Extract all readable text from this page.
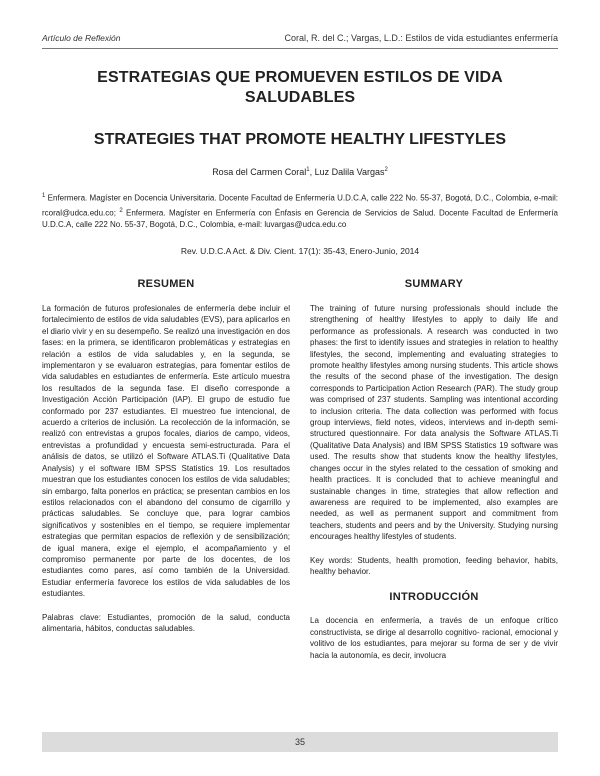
Artículo de Reflexión	Coral, R. del C.; Vargas, L.D.: Estilos de vida estudiantes enfermería
ESTRATEGIAS QUE PROMUEVEN ESTILOS DE VIDA SALUDABLES
STRATEGIES THAT PROMOTE HEALTHY LIFESTYLES
Rosa del Carmen Coral$^1$, Luz Dalila Vargas$^2$
$^1$ Enfermera. Magíster en Docencia Universitaria. Docente Facultad de Enfermería U.D.C.A, calle 222 No. 55-37, Bogotá, D.C., Colombia, e-mail: rcoral@udca.edu.co; $^2$ Enfermera. Magíster en Enfermería con Énfasis en Gerencia de Servicios de Salud. Docente Facultad de Enfermería U.D.C.A, calle 222 No. 55-37, Bogotá, D.C., Colombia, e-mail: luvargas@udca.edu.co
Rev. U.D.C.A Act. & Div. Cient. 17(1): 35-43, Enero-Junio, 2014
RESUMEN

La formación de futuros profesionales de enfermería debe incluir el fortalecimiento de estilos de vida saludables (EVS), para aplicarlos en el diario vivir y en su desempeño. Se realizó una investigación en dos fases: en la primera, se identificaron problemáticas y estrategias en relación a estilos de vida saludables y, en la segunda, se implementaron y se evaluaron estrategias, para fomentar estilos de vida saludables en estudiantes de enfermería. Este artículo muestra los resultados de la segunda fase. El diseño corresponde a Investigación Acción Participación (IAP). El grupo de estudio fue conformado por 237 estudiantes. El muestreo fue intencional, de acuerdo a criterios de inclusión. La recolección de la información, se realizó con entrevistas a grupos focales, diarios de campo, videos, entrevistas a profundidad y encuesta semi-estructurada. Para el análisis de datos, se utilizó el Software ATLAS.Ti (Qualitative Data Analysis) y el software IBM SPSS Statistics 19. Los resultados muestran que los estudiantes conocen los estilos de vida saludables; sin embargo, falta ponerlos en práctica; se presentan cambios en los estilos relacionados con el abandono del consumo de cigarrillo y prácticas saludables. Se concluye que, para lograr cambios significativos y sostenibles en el tiempo, se requiere implementar estrategias que permitan espacios de reflexión y de sensibilización; de igual manera, exige el ejemplo, el acompañamiento y el compromiso permanente por parte de los docentes, de los estudiantes como pares, así como también de la Universidad. Estudiar enfermería favorece los estilos de vida saludables de los estudiantes.

Palabras clave: Estudiantes, promoción de la salud, conducta alimentaria, hábitos, conductas saludables.

SUMMARY

The training of future nursing professionals should include the strengthening of healthy lifestyles to apply to daily life and performance as professionals. A research was conducted in two phases: the first to identify issues and strategies in relation to healthy lifestyles, the second, implementing and evaluating strategies to promote healthy lifestyles among nursing students. This article shows the results of the second phase of the investigation. The design corresponds to Participation Action Research (PAR). The study group was comprised of 237 students. Sampling was intentional according to inclusion criteria. The data collection was performed with focus group interviews, field notes, videos, interviews and in-depth semi-structured questionnaire. For data analysis the Software ATLAS.Ti (Qualitative Data Analysis) and IBM SPSS Statistics 19 software was used. The results show that students know the healthy lifestyles, changes occur in the styles related to the cessation of smoking and health practices. It is concluded that to achieve meaningful and sustainable changes in time, strategies that allow reflection and awareness are required to be implemented, also examples are needed, as well as permanent support and commitment from teachers, students and peers and by the University. Studying nursing encourages healthy lifestyles of students.

Key words: Students, health promotion, feeding behavior, habits, healthy behavior.

INTRODUCCIÓN

La docencia en enfermería, a través de un enfoque crítico constructivista, se dirige al desarrollo cognitivo- racional, emocional y volitivo de los estudiantes, para mejorar su forma de ser y de vivir hacia la autonomía, es decir, involucra

35
